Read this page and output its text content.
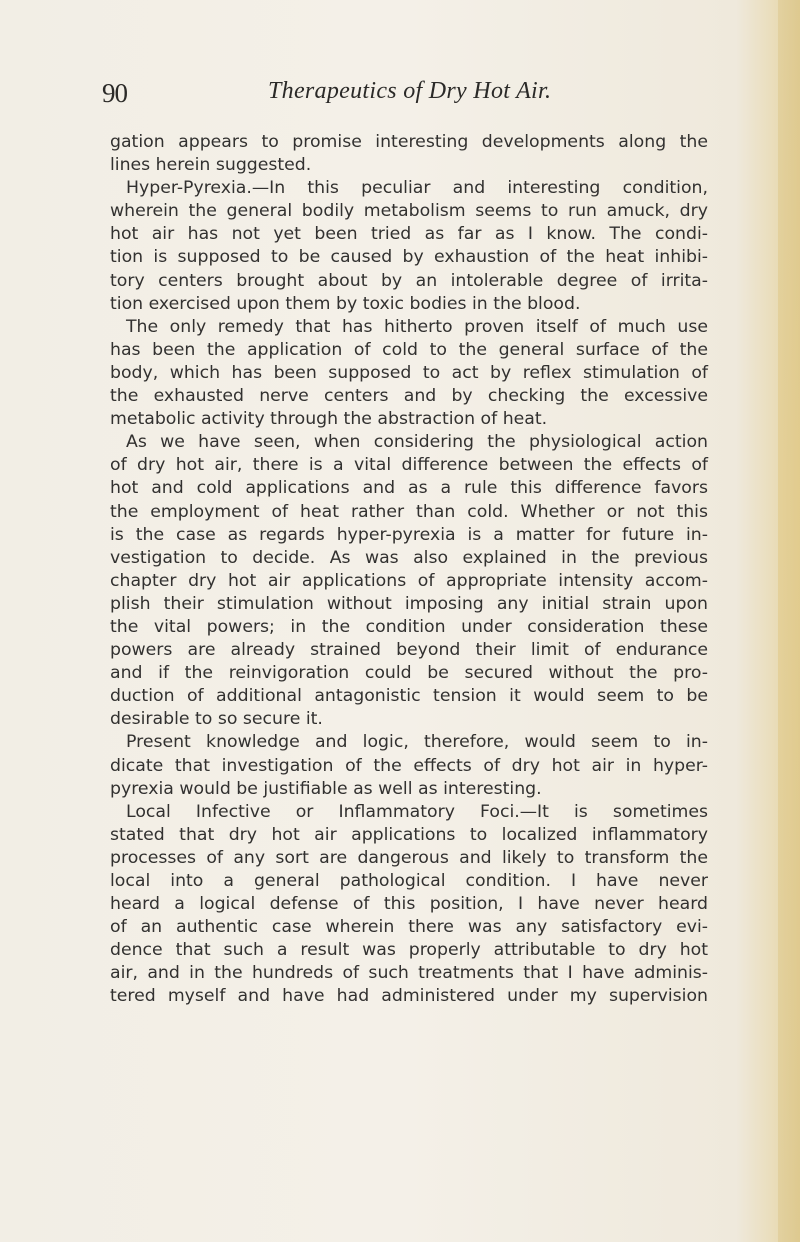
90	Therapeutics of Dry Hot Air.
gation appears to promise interesting developments along the
lines herein suggested.
Hyper-Pyrexia.—In this peculiar and interesting condition,
wherein the general bodily metabolism seems to run amuck, dry
hot air has not yet been tried as far as I know. The condi-
tion is supposed to be caused by exhaustion of the heat inhibi-
tory centers brought about by an intolerable degree of irrita-
tion exercised upon them by toxic bodies in the blood.
The only remedy that has hitherto proven itself of much use
has been the application of cold to the general surface of the
body, which has been supposed to act by reflex stimulation of
the exhausted nerve centers and by checking the excessive
metabolic activity through the abstraction of heat.
As we have seen, when considering the physiological action
of dry hot air, there is a vital difference between the effects of
hot and cold applications and as a rule this difference favors
the employment of heat rather than cold. Whether or not this
is the case as regards hyper-pyrexia is a matter for future in-
vestigation to decide. As was also explained in the previous
chapter dry hot air applications of appropriate intensity accom-
plish their stimulation without imposing any initial strain upon
the vital powers; in the condition under consideration these
powers are already strained beyond their limit of endurance
and if the reinvigoration could be secured without the pro-
duction of additional antagonistic tension it would seem to be
desirable to so secure it.
Present knowledge and logic, therefore, would seem to in-
dicate that investigation of the effects of dry hot air in hyper-
pyrexia would be justifiable as well as interesting.
Local Infective or Inflammatory Foci.—It is sometimes
stated that dry hot air applications to localized inflammatory
processes of any sort are dangerous and likely to transform the
local into a general pathological condition. I have never
heard a logical defense of this position, I have never heard
of an authentic case wherein there was any satisfactory evi-
dence that such a result was properly attributable to dry hot
air, and in the hundreds of such treatments that I have adminis-
tered myself and have had administered under my supervision
